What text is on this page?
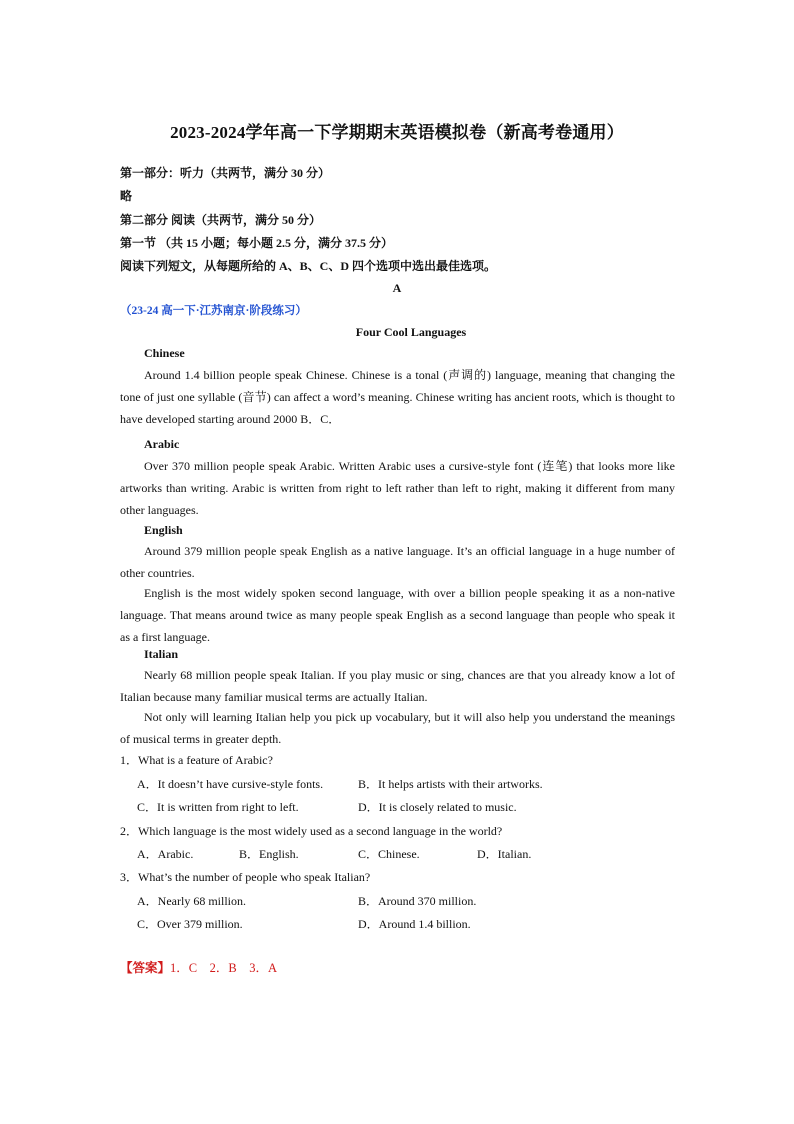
2023-2024学年高一下学期期末英语模拟卷（新高考卷通用）
第一部分：听力（共两节，满分 30 分）
略
第二部分 阅读（共两节，满分 50 分）
第一节 （共 15 小题；每小题 2.5 分，满分 37.5 分）
阅读下列短文，从每题所给的 A、B、C、D 四个选项中选出最佳选项。
A
（23-24 高一下·江苏南京·阶段练习）
Four Cool Languages
Chinese

Around 1.4 billion people speak Chinese. Chinese is a tonal (声调的) language, meaning that changing the tone of just one syllable (音节) can affect a word’s meaning. Chinese writing has ancient roots, which is thought to have developed starting around 2000 B．C．

Arabic

Over 370 million people speak Arabic. Written Arabic uses a cursive-style font (连笔) that looks more like artworks than writing. Arabic is written from right to left rather than left to right, making it different from many other languages.

English

Around 379 million people speak English as a native language. It’s an official language in a huge number of other countries.

English is the most widely spoken second language, with over a billion people speaking it as a non-native language. That means around twice as many people speak English as a second language than people who speak it as a first language.

Italian

Nearly 68 million people speak Italian. If you play music or sing, chances are that you already know a lot of Italian because many familiar musical terms are actually Italian.

Not only will learning Italian help you pick up vocabulary, but it will also help you understand the meanings of musical terms in greater depth.

1．What is a feature of Arabic?
A．It doesn’t have cursive-style fonts.	B．It helps artists with their artworks.
C．It is written from right to left.	D．It is closely related to music.
2．Which language is the most widely used as a second language in the world?
A．Arabic.	B．English.	C．Chinese.	D．Italian.
3．What’s the number of people who speak Italian?
A．Nearly 68 million.	B．Around 370 million.
C．Over 379 million.	D．Around 1.4 billion.
【答案】1．C　2．B　3．A
